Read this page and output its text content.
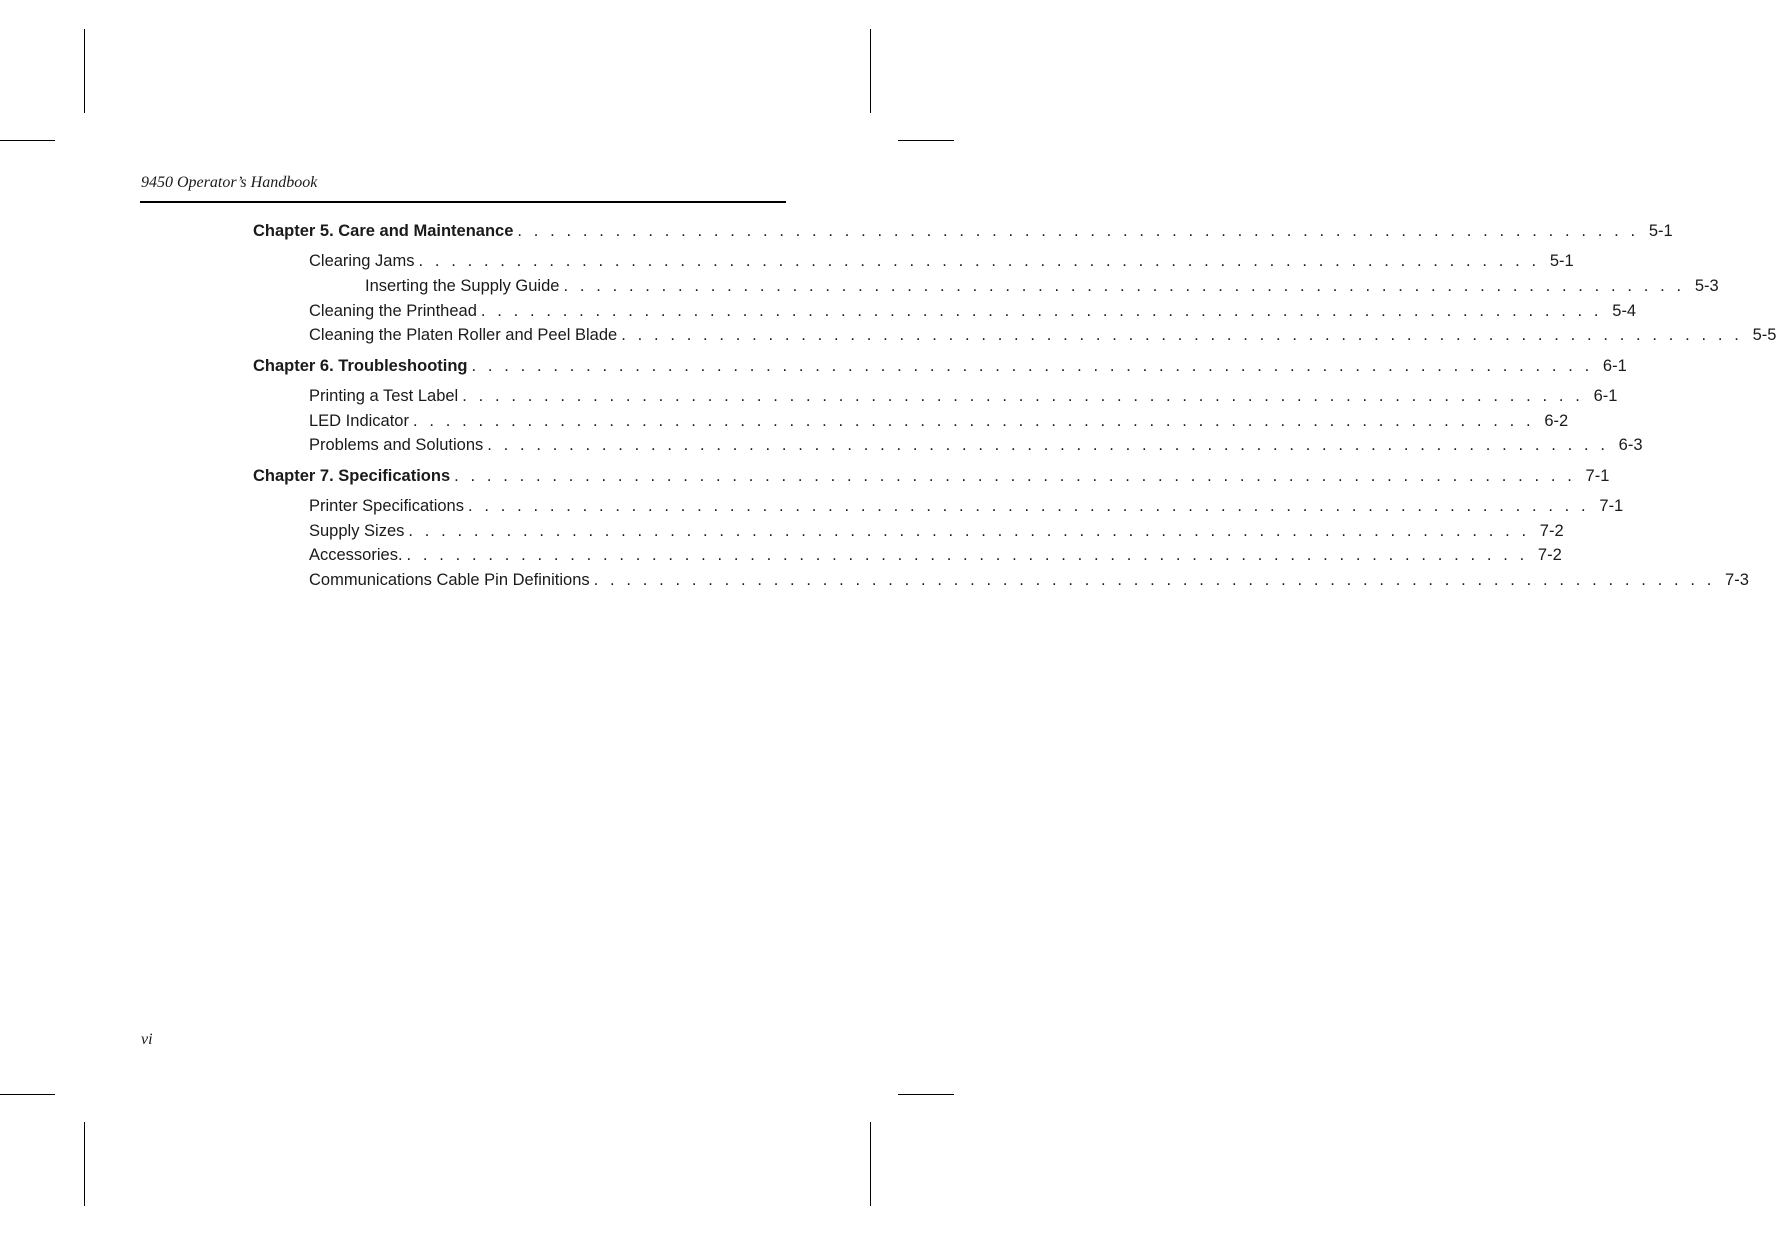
9450 Operator’s Handbook
Chapter 5. Care and Maintenance . . . . . . . . . . . . . . . . . . . . . . . . . . . . . . . . . . . . . . . . . . . . . . . . . . . . . . . . . . . . . . . . . . . . . 5-1
Clearing Jams . . . . . . . . . . . . . . . . . . . . . . . . . . . . . . . . . . . . . . . . . . . . . . . . . . . . . . . . . . . . . . . . . . . . . 5-1
Inserting the Supply Guide . . . . . . . . . . . . . . . . . . . . . . . . . . . . . . . . . . . . . . . . . . . . . . . . . . . . . . . . . . . . . . . . . . . . . 5-3
Cleaning the Printhead . . . . . . . . . . . . . . . . . . . . . . . . . . . . . . . . . . . . . . . . . . . . . . . . . . . . . . . . . . . . . . . . . . . . . 5-4
Cleaning the Platen Roller and Peel Blade . . . . . . . . . . . . . . . . . . . . . . . . . . . . . . . . . . . . . . . . . . . . . . . . . . . . . . . . . . . . . . . . . . . . . 5-5
Chapter 6. Troubleshooting . . . . . . . . . . . . . . . . . . . . . . . . . . . . . . . . . . . . . . . . . . . . . . . . . . . . . . . . . . . . . . . . . . . . . 6-1
Printing a Test Label . . . . . . . . . . . . . . . . . . . . . . . . . . . . . . . . . . . . . . . . . . . . . . . . . . . . . . . . . . . . . . . . . . . . . 6-1
LED Indicator . . . . . . . . . . . . . . . . . . . . . . . . . . . . . . . . . . . . . . . . . . . . . . . . . . . . . . . . . . . . . . . . . . . . . 6-2
Problems and Solutions . . . . . . . . . . . . . . . . . . . . . . . . . . . . . . . . . . . . . . . . . . . . . . . . . . . . . . . . . . . . . . . . . . . . . 6-3
Chapter 7. Specifications . . . . . . . . . . . . . . . . . . . . . . . . . . . . . . . . . . . . . . . . . . . . . . . . . . . . . . . . . . . . . . . . . . . . . 7-1
Printer Specifications . . . . . . . . . . . . . . . . . . . . . . . . . . . . . . . . . . . . . . . . . . . . . . . . . . . . . . . . . . . . . . . . . . . . . 7-1
Supply Sizes . . . . . . . . . . . . . . . . . . . . . . . . . . . . . . . . . . . . . . . . . . . . . . . . . . . . . . . . . . . . . . . . . . . . . 7-2
Accessories. . . . . . . . . . . . . . . . . . . . . . . . . . . . . . . . . . . . . . . . . . . . . . . . . . . . . . . . . . . . . . . . . . . . . . 7-2
Communications Cable Pin Definitions . . . . . . . . . . . . . . . . . . . . . . . . . . . . . . . . . . . . . . . . . . . . . . . . . . . . . . . . . . . . . . . . . . . . . 7-3
vi
